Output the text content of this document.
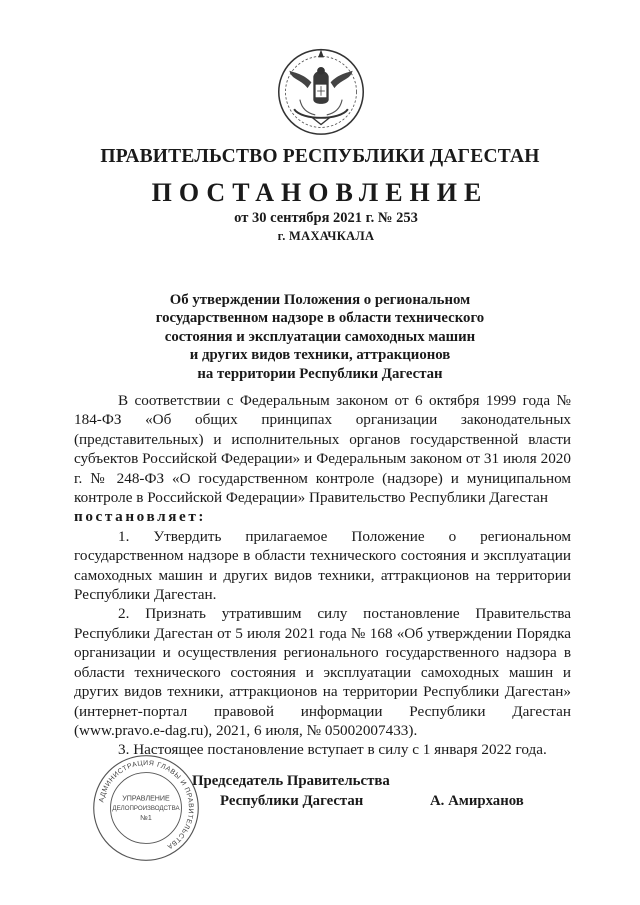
ПРАВИТЕЛЬСТВО РЕСПУБЛИКИ ДАГЕСТАН
ПОСТАНОВЛЕНИЕ
от 30 сентября 2021 г. № 253
г. МАХАЧКАЛА
Об утверждении Положения о региональном
государственном надзоре в области технического
состояния и эксплуатации самоходных машин
и других видов техники, аттракционов
на территории Республики Дагестан

В соответствии с Федеральным законом от 6 октября 1999 года № 184-ФЗ «Об общих принципах организации законодательных (представительных) и исполнительных органов государственной власти субъектов Российской Федерации» и Федеральным законом от 31 июля 2020 г. № 248-ФЗ «О государственном контроле (надзоре) и муниципальном контроле в Российской Федерации» Правительство Республики Дагестан

постановляет:

1. Утвердить прилагаемое Положение о региональном государственном надзоре в области технического состояния и эксплуатации самоходных машин и других видов техники, аттракционов на территории Республики Дагестан.

2. Признать утратившим силу постановление Правительства Республики Дагестан от 5 июля 2021 года № 168 «Об утверждении Порядка организации и осуществления регионального государственного надзора в области технического состояния и эксплуатации самоходных машин и других видов техники, аттракционов на территории Республики Дагестан» (интернет-портал правовой информации Республики Дагестан (www.pravo.e-dag.ru), 2021, 6 июля, № 05002007433).

3. Настоящее постановление вступает в силу с 1 января 2022 года.

АДМИНИСТРАЦИЯ ГЛАВЫ И ПРАВИТЕЛЬСТВА
УПРАВЛЕНИЕ
ДЕЛОПРОИЗВОДСТВА
№1
Председатель Правительства
Республики Дагестан	А. Амирханов
